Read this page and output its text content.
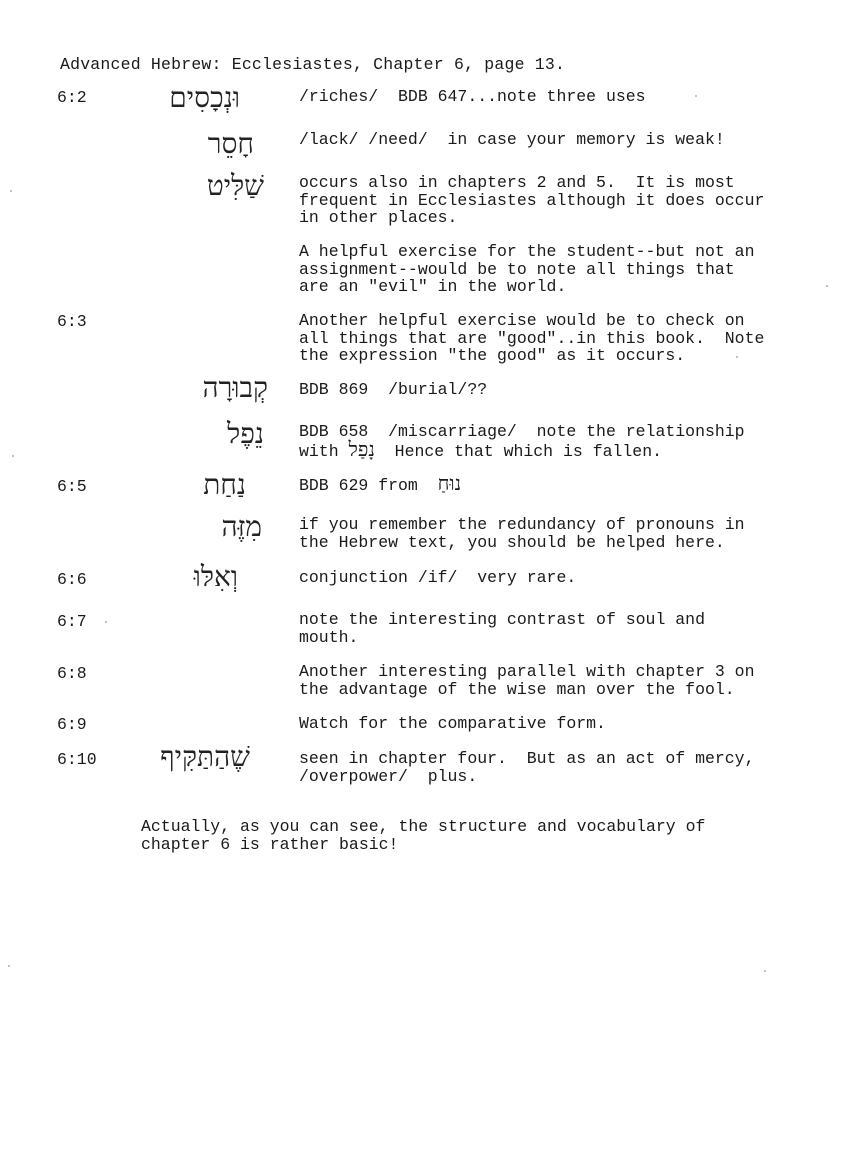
Advanced Hebrew: Ecclesiastes, Chapter 6, page 13.
6:2	וּנְכָסִים	/riches/  BDB 647...note three uses
חָסֵר	/lack/ /need/  in case your memory is weak!
שַׁלִּיט occurs also in chapters 2 and 5.  It is most
frequent in Ecclesiastes although it does occur
in other places.
A helpful exercise for the student--but not an
assignment--would be to note all things that
are an "evil" in the world.
6:3	Another helpful exercise would be to check on
all things that are "good"..in this book.  Note
the expression "the good" as it occurs.
קְבוּרָה BDB 869  /burial/??
נֵפֶל BDB 658  /miscarriage/  note the relationship
with נָפַל  Hence that which is fallen.
6:5	נַחַת	BDB 629 from  נוּחַ
מִזֶּה if you remember the redundancy of pronouns in
the Hebrew text, you should be helped here.
6:6	וְאִלּוּ	conjunction /if/  very rare.
6:7	note the interesting contrast of soul and
mouth.
6:8	Another interesting parallel with chapter 3 on
the advantage of the wise man over the fool.
6:9	Watch for the comparative form.
6:10 שֶׁהַתַּקִּיף	seen in chapter four.  But as an act of mercy,
/overpower/  plus.
Actually, as you can see, the structure and vocabulary of
chapter 6 is rather basic!
